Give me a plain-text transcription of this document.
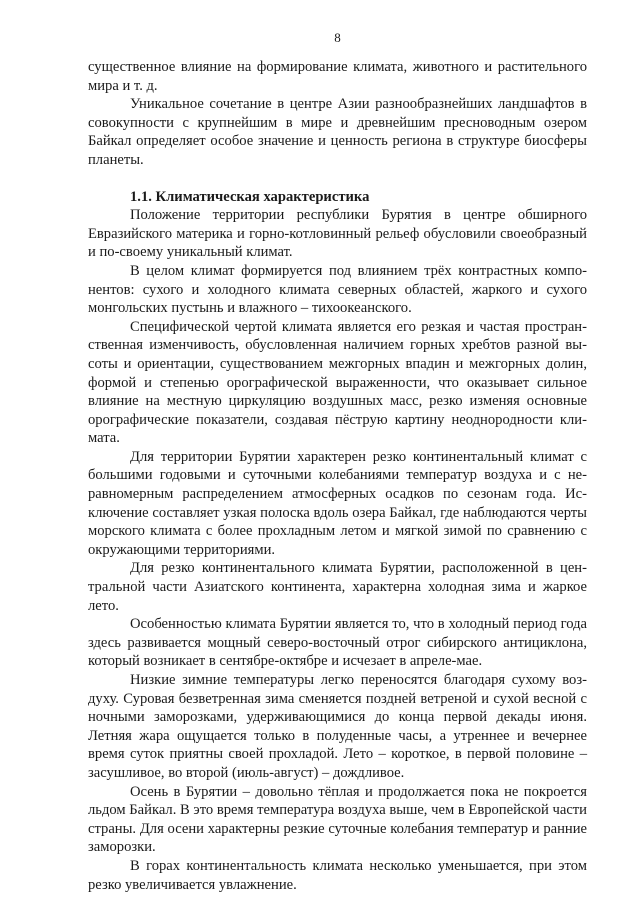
8

существенное влияние на формирование климата, животного и растительного мира и т. д.

Уникальное сочетание в центре Азии разнообразнейших ландшафтов в совокупности с крупнейшим в мире и древнейшим пресноводным озером Байкал определяет особое значение и ценность региона в структуре биосферы планеты.

1.1. Климатическая характеристика

Положение территории республики Бурятия в центре обширного Евразийского материка и горно-котловинный рельеф обусловили своеобразный и по-своему уникальный климат.

В целом климат формируется под влиянием трёх контрастных компонентов: сухого и холодного климата северных областей, жаркого и сухого монгольских пустынь и влажного – тихоокеанского.

Специфической чертой климата является его резкая и частая пространственная изменчивость, обусловленная наличием горных хребтов разной высоты и ориентации, существованием межгорных впадин и межгорных долин, формой и степенью орографической выраженности, что оказывает сильное влияние на местную циркуляцию воздушных масс, резко изменяя основные орографические показатели, создавая пёструю картину неоднородности климата.

Для территории Бурятии характерен резко континентальный климат с большими годовыми и суточными колебаниями температур воздуха и с неравномерным распределением атмосферных осадков по сезонам года. Исключение составляет узкая полоска вдоль озера Байкал, где наблюдаются черты морского климата с более прохладным летом и мягкой зимой по сравнению с окружающими территориями.

Для резко континентального климата Бурятии, расположенной в центральной части Азиатского континента, характерна холодная зима и жаркое лето.

Особенностью климата Бурятии является то, что в холодный период года здесь развивается мощный северо-восточный отрог сибирского антициклона, который возникает в сентябре-октябре и исчезает в апреле-мае.

Низкие зимние температуры легко переносятся благодаря сухому воздуху. Суровая безветренная зима сменяется поздней ветреной и сухой весной с ночными заморозками, удерживающимися до конца первой декады июня. Летняя жара ощущается только в полуденные часы, а утреннее и вечернее время суток приятны своей прохладой. Лето – короткое, в первой половине – засушливое, во второй (июль-август) – дождливое.

Осень в Бурятии – довольно тёплая и продолжается пока не покроется льдом Байкал. В это время температура воздуха выше, чем в Европейской части страны. Для осени характерны резкие суточные колебания температур и ранние заморозки.

В горах континентальность климата несколько уменьшается, при этом резко увеличивается увлажнение.
